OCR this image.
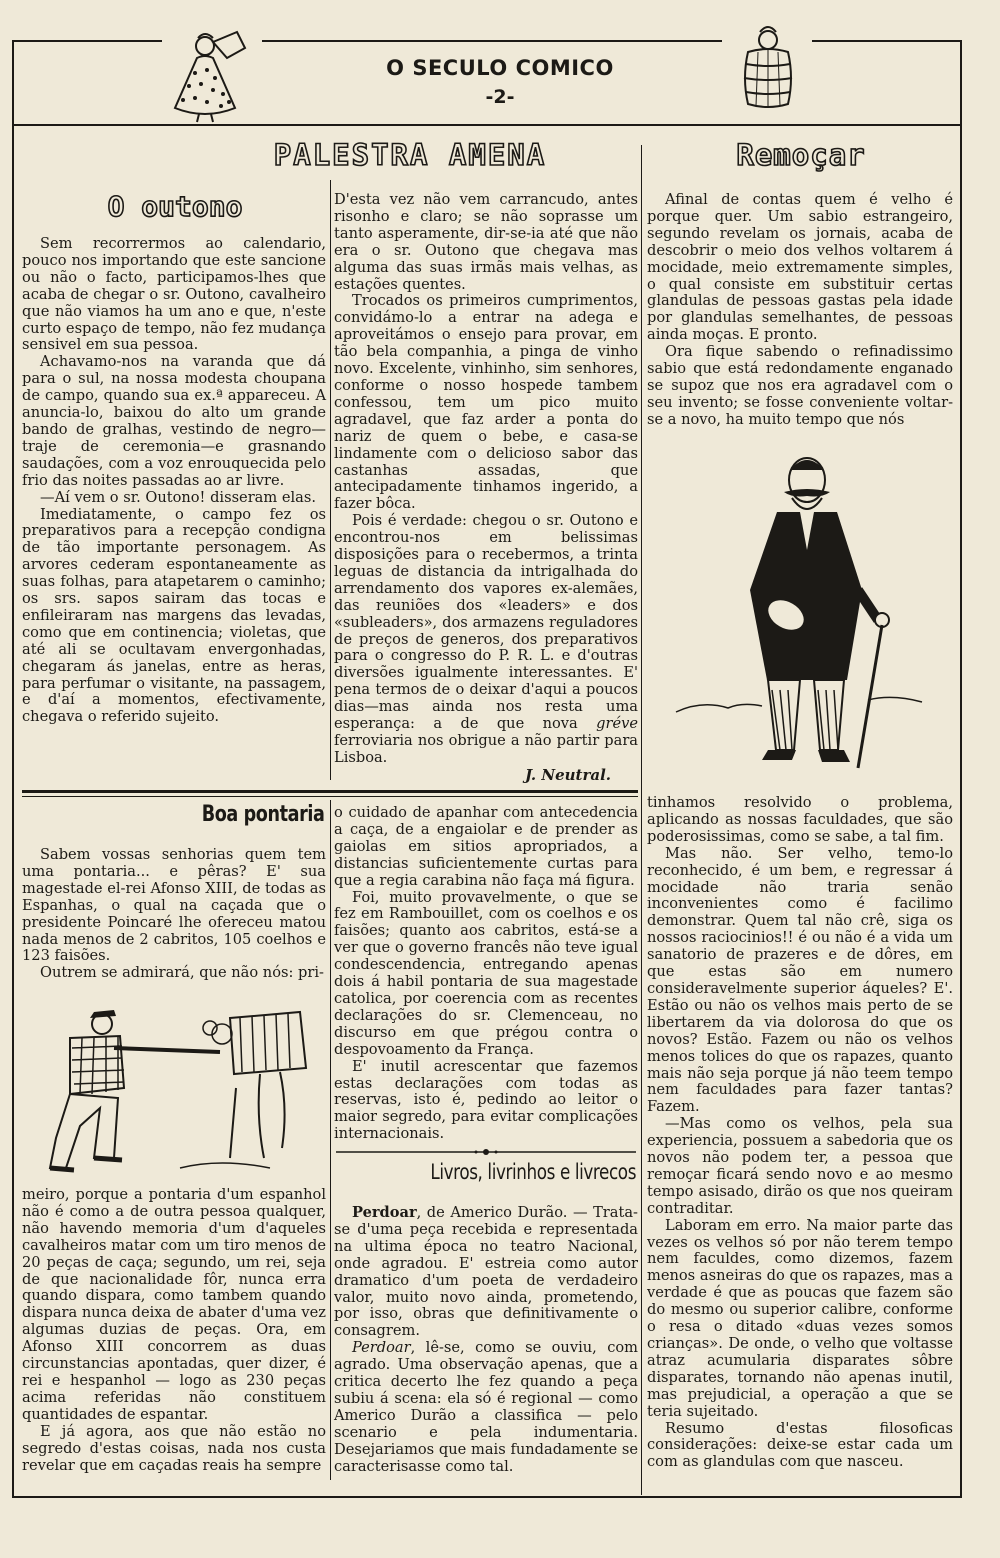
O SECULO COMICO
-2-
PALESTRA AMENA
O outono

Sem recorrermos ao calendario, pouco nos importando que este sancione ou não o facto, participamos-lhes que acaba de chegar o sr. Outono, cavalheiro que não viamos ha um ano e que, n'este curto espaço de tempo, não fez mudança sensivel em sua pessoa.

Achavamo-nos na varanda que dá para o sul, na nossa modesta choupana de campo, quando sua ex.ª appareceu. A anuncia-lo, baixou do alto um grande bando de gralhas, vestindo de negro—traje de ceremonia—e grasnando saudações, com a voz enrouquecida pelo frio das noites passadas ao ar livre.

—Aí vem o sr. Outono! disseram elas.

Imediatamente, o campo fez os preparativos para a recepção condigna de tão importante personagem. As arvores cederam espontaneamente as suas folhas, para atapetarem o caminho; os srs. sapos sairam das tocas e enfileiraram nas margens das levadas, como que em continencia; violetas, que até ali se ocultavam envergonhadas, chegaram ás janelas, entre as heras, para perfumar o visitante, na passagem, e d'aí a momentos, efectivamente, chegava o referido sujeito.

D'esta vez não vem carrancudo, antes risonho e claro; se não soprasse um tanto asperamente, dir-se-ia até que não era o sr. Outono que chegava mas alguma das suas irmãs mais velhas, as estações quentes.

Trocados os primeiros cumprimentos, convidámo-lo a entrar na adega e aproveitámos o ensejo para provar, em tão bela companhia, a pinga de vinho novo. Excelente, vinhinho, sim senhores, conforme o nosso hospede tambem confessou, tem um pico muito agradavel, que faz arder a ponta do nariz de quem o bebe, e casa-se lindamente com o delicioso sabor das castanhas assadas, que antecipadamente tinhamos ingerido, a fazer bôca.

Pois é verdade: chegou o sr. Outono e encontrou-nos em belissimas disposições para o recebermos, a trinta leguas de distancia da intrigalhada do arrendamento dos vapores ex-alemães, das reuniões dos «leaders» e dos «subleaders», dos armazens reguladores de preços de generos, dos preparativos para o congresso do P. R. L. e d'outras diversões igualmente interessantes. E' pena termos de o deixar d'aqui a poucos dias—mas ainda nos resta uma esperança: a de que nova gréve ferroviaria nos obrigue a não partir para Lisboa.

J. Neutral.
Remoçar

Afinal de contas quem é velho é porque quer. Um sabio estrangeiro, segundo revelam os jornais, acaba de descobrir o meio dos velhos voltarem á mocidade, meio extremamente simples, o qual consiste em substituir certas glandulas de pessoas gastas pela idade por glandulas semelhantes, de pessoas ainda moças. E pronto.

Ora fique sabendo o refinadissimo sabio que está redondamente enganado se supoz que nos era agradavel com o seu invento; se fosse conveniente voltar-se a novo, ha muito tempo que nós

tinhamos resolvido o problema, aplicando as nossas faculdades, que são poderosissimas, como se sabe, a tal fim.

Mas não. Ser velho, temo-lo reconhecido, é um bem, e regressar á mocidade não traria senão inconvenientes como é facilimo demonstrar. Quem tal não crê, siga os nossos raciocinios!! é ou não é a vida um sanatorio de prazeres e de dôres, em que estas são em numero consideravelmente superior áqueles? E'. Estão ou não os velhos mais perto de se libertarem da via dolorosa do que os novos? Estão. Fazem ou não os velhos menos tolices do que os rapazes, quanto mais não seja porque já não teem tempo nem faculdades para fazer tantas? Fazem.

—Mas como os velhos, pela sua experiencia, possuem a sabedoria que os novos não podem ter, a pessoa que remoçar ficará sendo novo e ao mesmo tempo asisado, dirão os que nos queiram contraditar.

Laboram em erro. Na maior parte das vezes os velhos só por não terem tempo nem faculdes, como dizemos, fazem menos asneiras do que os rapazes, mas a verdade é que as poucas que fazem são do mesmo ou superior calibre, conforme o resa o ditado «duas vezes somos crianças». De onde, o velho que voltasse atraz acumularia disparates sôbre disparates, tornando não apenas inutil, mas prejudicial, a operação a que se teria sujeitado.

Resumo d'estas filosoficas considerações: deixe-se estar cada um com as glandulas com que nasceu.

Boa pontaria

Sabem vossas senhorias quem tem uma pontaria... e pêras? E' sua magestade el-rei Afonso XIII, de todas as Espanhas, o qual na caçada que o presidente Poincaré lhe ofereceu matou nada menos de 2 cabritos, 105 coelhos e 123 faisões.

Outrem se admirará, que não nós: pri-

meiro, porque a pontaria d'um espanhol não é como a de outra pessoa qualquer, não havendo memoria d'um d'aqueles cavalheiros matar com um tiro menos de 20 peças de caça; segundo, um rei, seja de que nacionalidade fôr, nunca erra quando dispara, como tambem quando dispara nunca deixa de abater d'uma vez algumas duzias de peças. Ora, em Afonso XIII concorrem as duas circunstancias apontadas, quer dizer, é rei e hespanhol — logo as 230 peças acima referidas não constituem quantidades de espantar.

E já agora, aos que não estão no segredo d'estas coisas, nada nos custa revelar que em caçadas reais ha sempre

o cuidado de apanhar com antecedencia a caça, de a engaiolar e de prender as gaiolas em sitios apropriados, a distancias suficientemente curtas para que a regia carabina não faça má figura.

Foi, muito provavelmente, o que se fez em Rambouillet, com os coelhos e os faisões; quanto aos cabritos, está-se a ver que o governo francês não teve igual condescendencia, entregando apenas dois á habil pontaria de sua magestade catolica, por coerencia com as recentes declarações do sr. Clemenceau, no discurso em que prégou contra o despovoamento da França.

E' inutil acrescentar que fazemos estas declarações com todas as reservas, isto é, pedindo ao leitor o maior segredo, para evitar complicações internacionais.

Livros, livrinhos e livrecos

Perdoar, de Americo Durão. — Trata-se d'uma peça recebida e representada na ultima época no teatro Nacional, onde agradou. E' estreia como autor dramatico d'um poeta de verdadeiro valor, muito novo ainda, prometendo, por isso, obras que definitivamente o consagrem.

Perdoar, lê-se, como se ouviu, com agrado. Uma observação apenas, que a critica decerto lhe fez quando a peça subiu á scena: ela só é regional — como Americo Durão a classifica — pelo scenario e pela indumentaria. Desejariamos que mais fundadamente se caracterisasse como tal.
